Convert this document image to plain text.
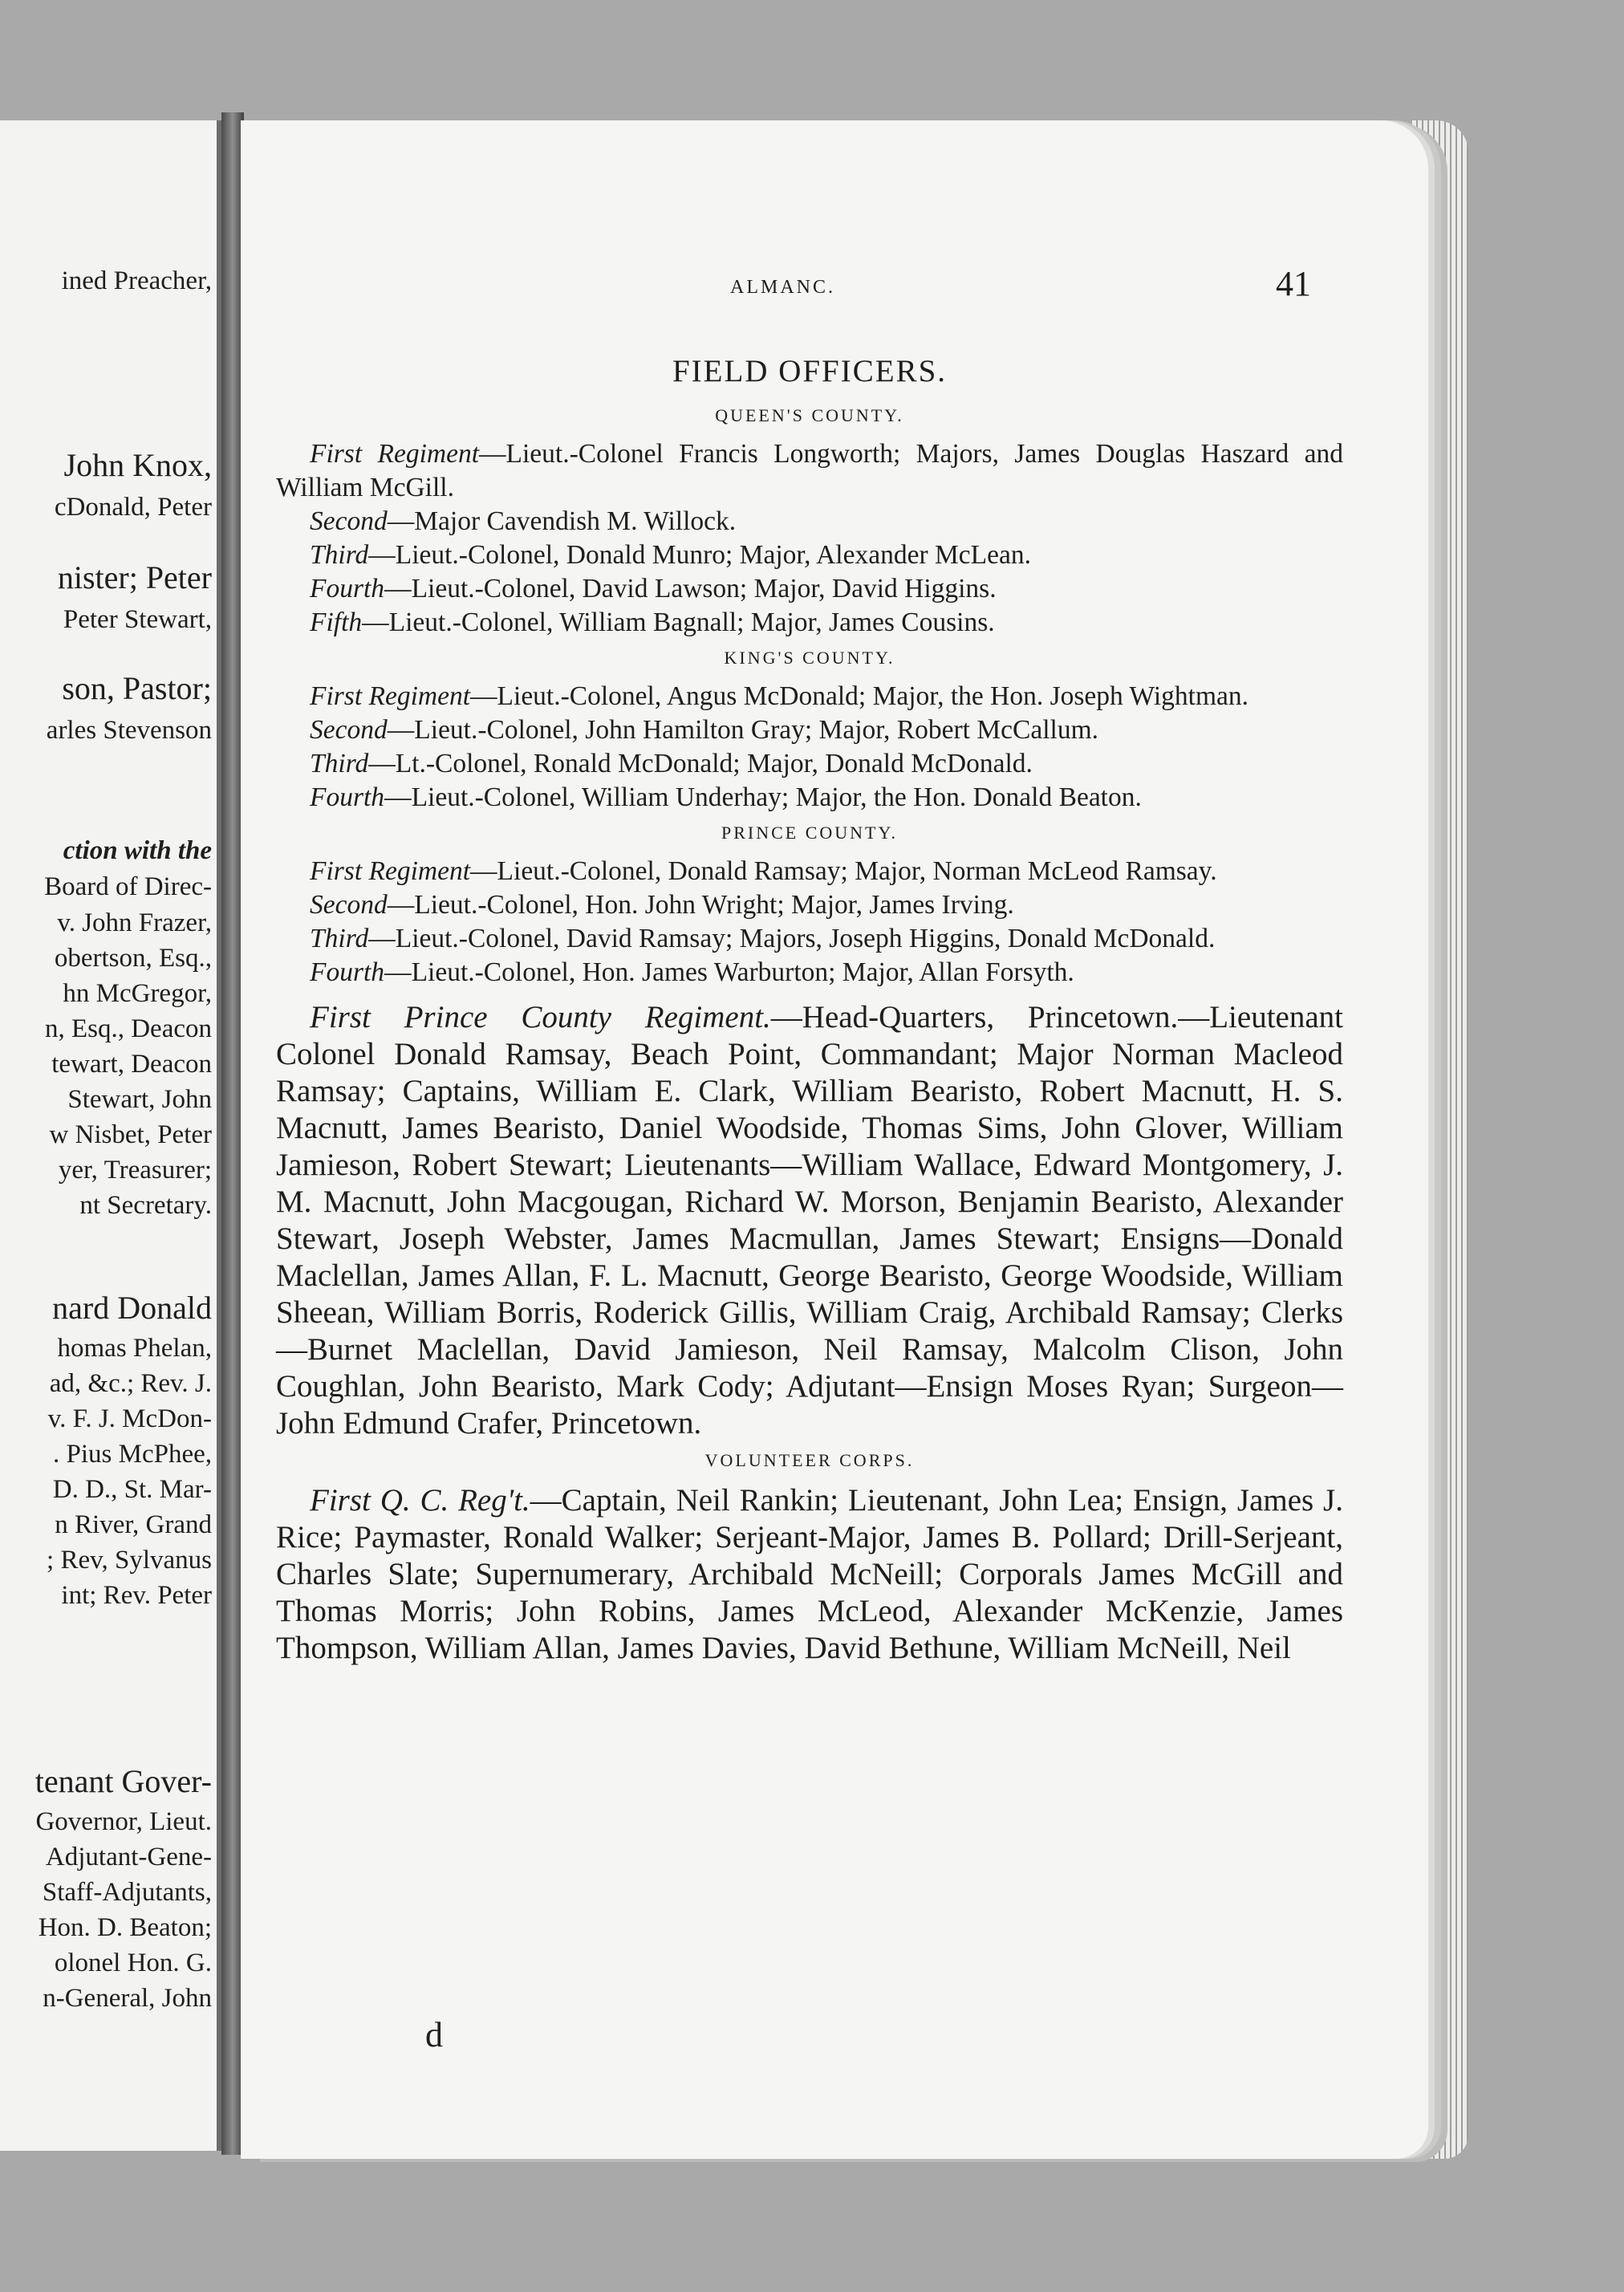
ined Preacher,
John Knox,
cDonald, Peter
nister; Peter
Peter Stewart,
son, Pastor;
arles Stevenson
ction with the
Board of Direc-
v. John Frazer,
obertson, Esq.,
hn McGregor,
n, Esq., Deacon
tewart, Deacon
Stewart, John
w Nisbet, Peter
yer, Treasurer;
nt Secretary.
nard Donald
homas Phelan,
ad, &c.; Rev. J.
v. F. J. McDon-
. Pius McPhee,
D. D., St. Mar-
n River, Grand
; Rev, Sylvanus
int; Rev. Peter
tenant Gover-
Governor, Lieut.
Adjutant-Gene-
Staff-Adjutants,
Hon. D. Beaton;
olonel Hon. G.
n-General, John
ALMANC.	41
FIELD OFFICERS.
QUEEN'S COUNTY.

First Regiment—Lieut.-Colonel Francis Longworth; Majors, James Douglas Haszard and William McGill.

Second—Major Cavendish M. Willock.

Third—Lieut.-Colonel, Donald Munro; Major, Alexander McLean.

Fourth—Lieut.-Colonel, David Lawson; Major, David Higgins.

Fifth—Lieut.-Colonel, William Bagnall; Major, James Cousins.

KING'S COUNTY.

First Regiment—Lieut.-Colonel, Angus McDonald; Major, the Hon. Joseph Wightman.

Second—Lieut.-Colonel, John Hamilton Gray; Major, Robert McCallum.

Third—Lt.-Colonel, Ronald McDonald; Major, Donald McDonald.

Fourth—Lieut.-Colonel, William Underhay; Major, the Hon. Donald Beaton.

PRINCE COUNTY.

First Regiment—Lieut.-Colonel, Donald Ramsay; Major, Norman McLeod Ramsay.

Second—Lieut.-Colonel, Hon. John Wright; Major, James Irving.

Third—Lieut.-Colonel, David Ramsay; Majors, Joseph Higgins, Donald McDonald.

Fourth—Lieut.-Colonel, Hon. James Warburton; Major, Allan Forsyth.

First Prince County Regiment.—Head-Quarters, Princetown.—Lieutenant Colonel Donald Ramsay, Beach Point, Commandant; Major Norman Macleod Ramsay; Captains, William E. Clark, William Bearisto, Robert Macnutt, H. S. Macnutt, James Bearisto, Daniel Woodside, Thomas Sims, John Glover, William Jamieson, Robert Stewart; Lieutenants—William Wallace, Edward Montgomery, J. M. Macnutt, John Macgougan, Richard W. Morson, Benjamin Bearisto, Alexander Stewart, Joseph Webster, James Macmullan, James Stewart; Ensigns—Donald Maclellan, James Allan, F. L. Macnutt, George Bearisto, George Woodside, William Sheean, William Borris, Roderick Gillis, William Craig, Archibald Ramsay; Clerks—Burnet Maclellan, David Jamieson, Neil Ramsay, Malcolm Clison, John Coughlan, John Bearisto, Mark Cody; Adjutant—Ensign Moses Ryan; Surgeon—John Edmund Crafer, Princetown.

VOLUNTEER CORPS.

First Q. C. Reg't.—Captain, Neil Rankin; Lieutenant, John Lea; Ensign, James J. Rice; Paymaster, Ronald Walker; Serjeant-Major, James B. Pollard; Drill-Serjeant, Charles Slate; Supernumerary, Archibald McNeill; Corporals James McGill and Thomas Morris; John Robins, James McLeod, Alexander McKenzie, James Thompson, William Allan, James Davies, David Bethune, William McNeill, Neil

d
